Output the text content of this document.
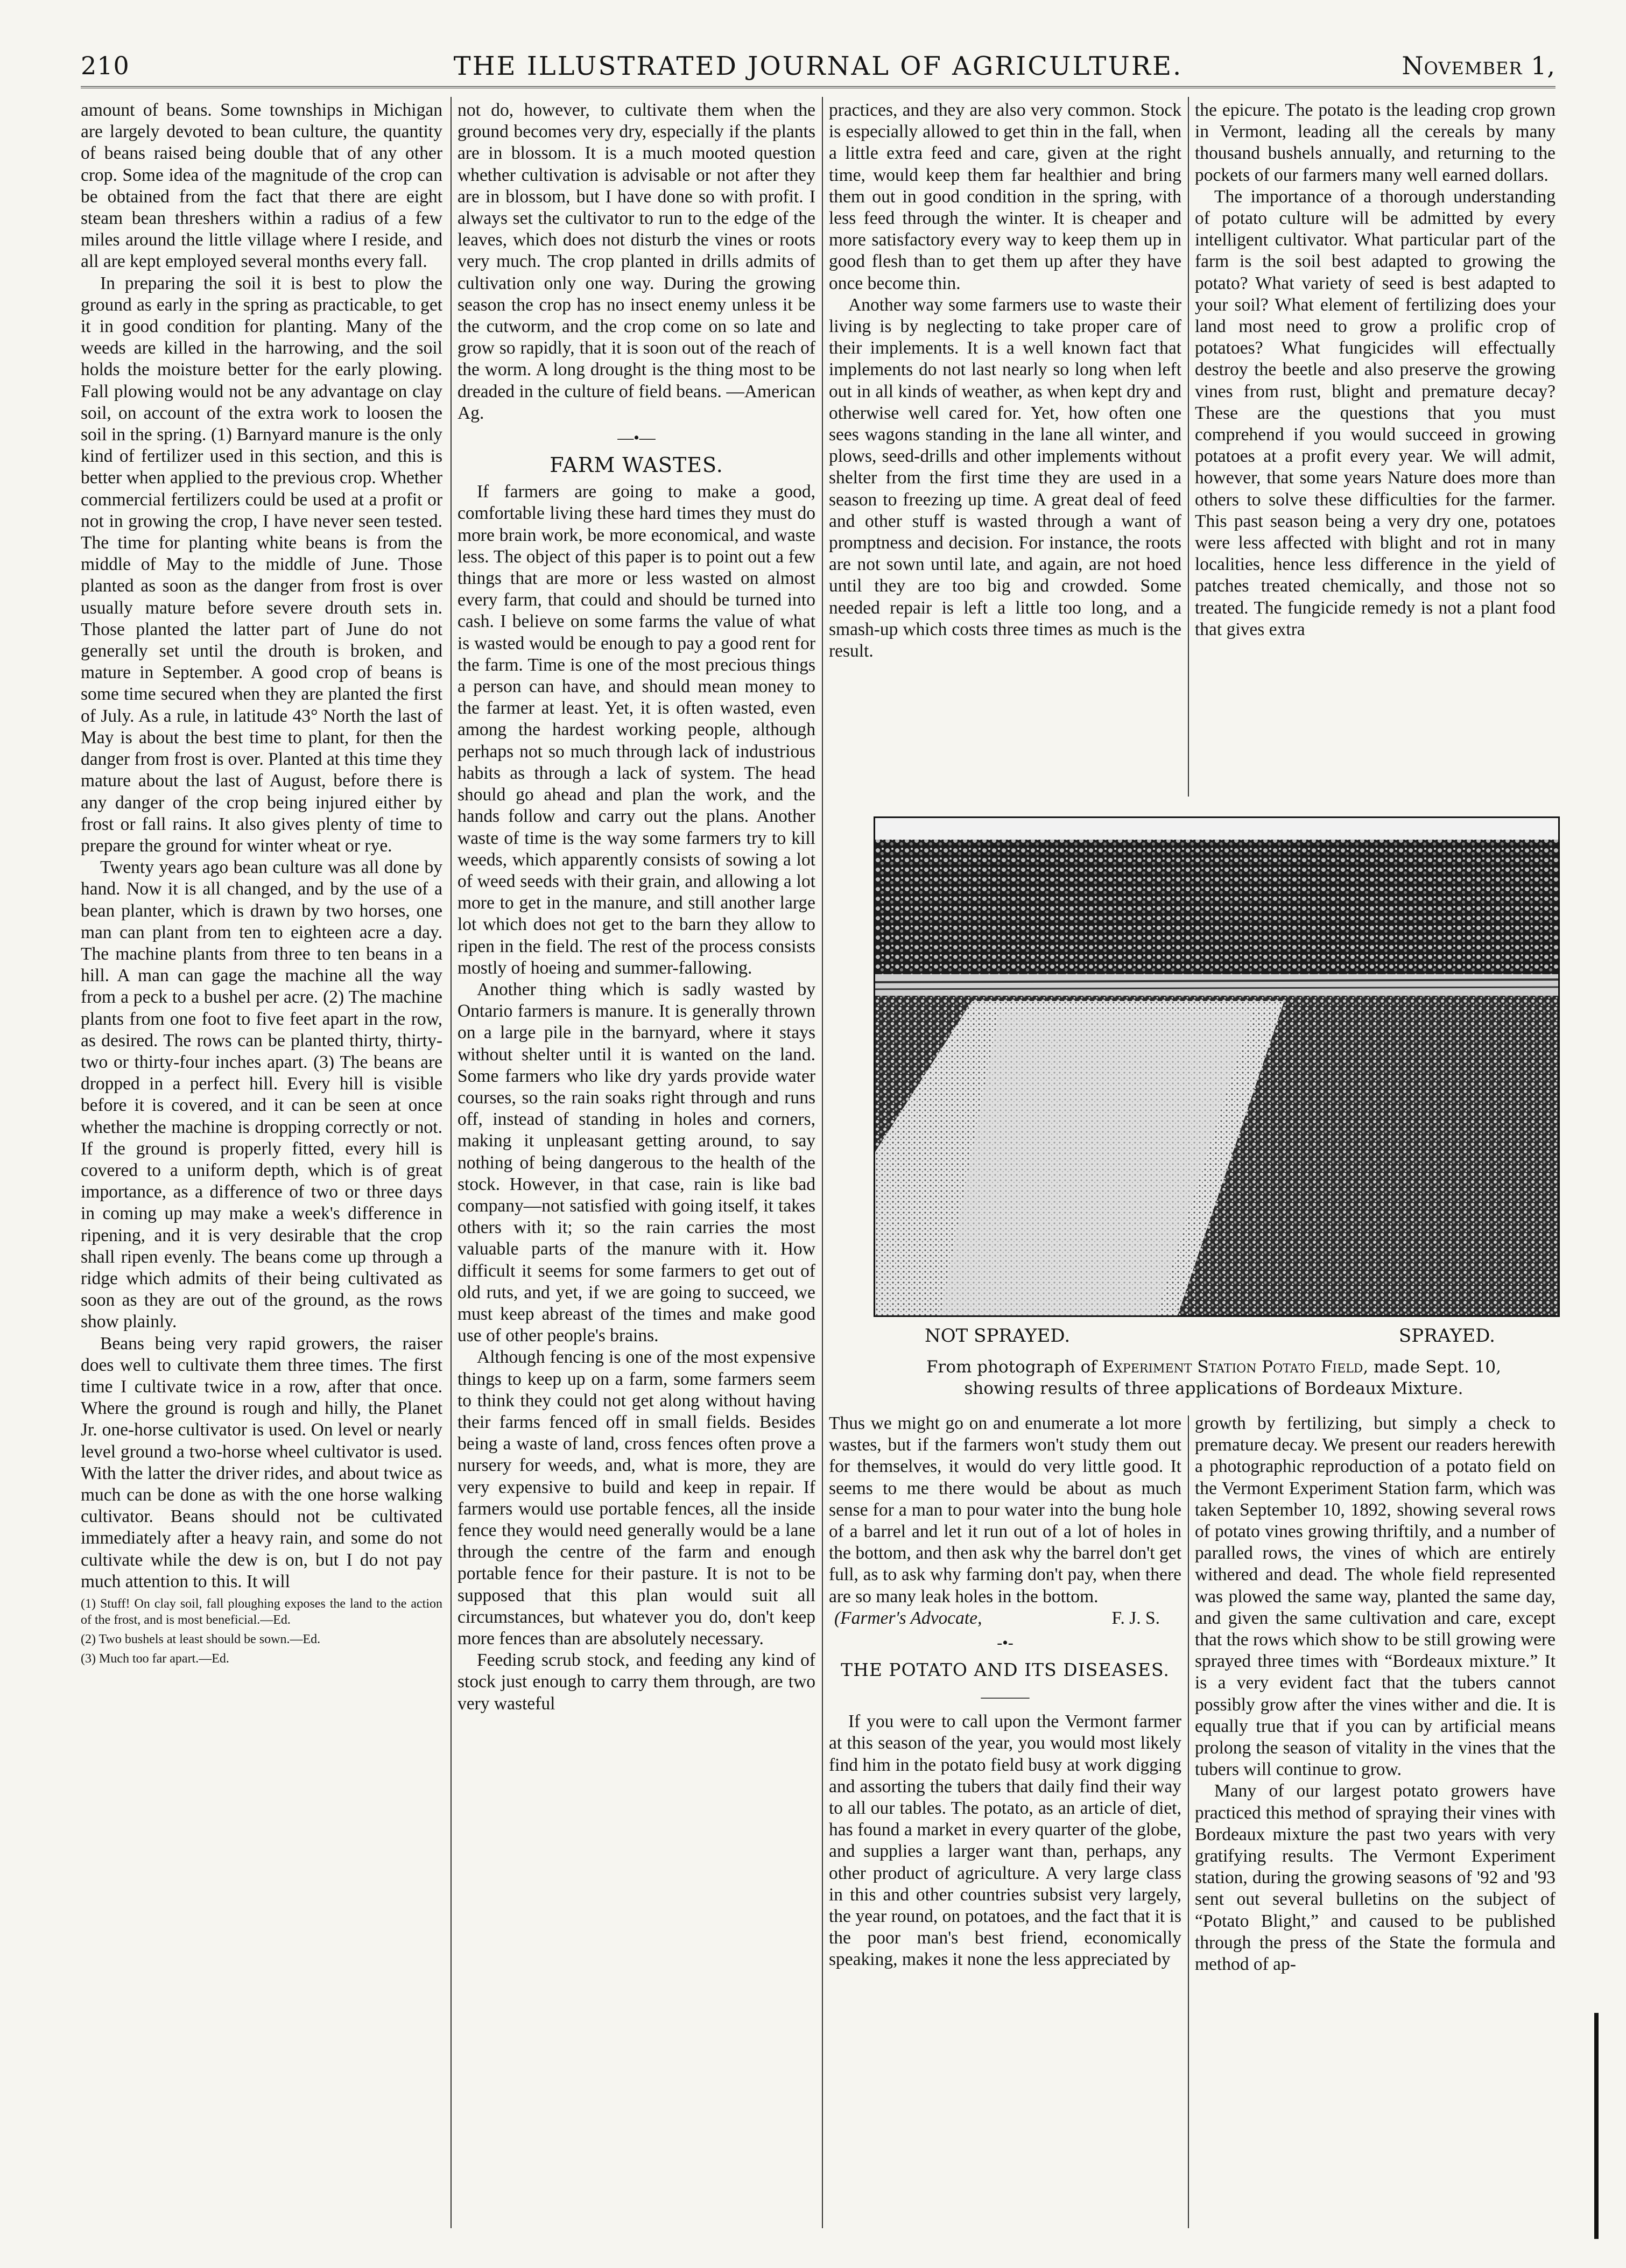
210	THE ILLUSTRATED JOURNAL OF AGRICULTURE.	November 1,

amount of beans. Some townships in Michigan are largely devoted to bean culture, the quantity of beans raised being double that of any other crop. Some idea of the magnitude of the crop can be obtained from the fact that there are eight steam bean threshers within a radius of a few miles around the little village where I reside, and all are kept employed several months every fall.

In preparing the soil it is best to plow the ground as early in the spring as practicable, to get it in good condition for planting. Many of the weeds are killed in the harrowing, and the soil holds the moisture better for the early plowing. Fall plowing would not be any advantage on clay soil, on account of the extra work to loosen the soil in the spring. (1) Barnyard manure is the only kind of fertilizer used in this section, and this is better when applied to the previous crop. Whether commercial fertilizers could be used at a profit or not in growing the crop, I have never seen tested. The time for planting white beans is from the middle of May to the middle of June. Those planted as soon as the danger from frost is over usually mature before severe drouth sets in. Those planted the latter part of June do not generally set until the drouth is broken, and mature in September. A good crop of beans is some time secured when they are planted the first of July. As a rule, in latitude 43° North the last of May is about the best time to plant, for then the danger from frost is over. Planted at this time they mature about the last of August, before there is any danger of the crop being injured either by frost or fall rains. It also gives plenty of time to prepare the ground for winter wheat or rye.

Twenty years ago bean culture was all done by hand. Now it is all changed, and by the use of a bean planter, which is drawn by two horses, one man can plant from ten to eighteen acre a day. The machine plants from three to ten beans in a hill. A man can gage the machine all the way from a peck to a bushel per acre. (2) The machine plants from one foot to five feet apart in the row, as desired. The rows can be planted thirty, thirty-two or thirty-four inches apart. (3) The beans are dropped in a perfect hill. Every hill is visible before it is covered, and it can be seen at once whether the machine is dropping correctly or not. If the ground is properly fitted, every hill is covered to a uniform depth, which is of great importance, as a difference of two or three days in coming up may make a week's difference in ripening, and it is very desirable that the crop shall ripen evenly. The beans come up through a ridge which admits of their being cultivated as soon as they are out of the ground, as the rows show plainly.

Beans being very rapid growers, the raiser does well to cultivate them three times. The first time I cultivate twice in a row, after that once. Where the ground is rough and hilly, the Planet Jr. one-horse cultivator is used. On level or nearly level ground a two-horse wheel cultivator is used. With the latter the driver rides, and about twice as much can be done as with the one horse walking cultivator. Beans should not be cultivated immediately after a heavy rain, and some do not cultivate while the dew is on, but I do not pay much attention to this. It will

(1) Stuff! On clay soil, fall ploughing exposes the land to the action of the frost, and is most beneficial.—Ed.
(2) Two bushels at least should be sown.—Ed.
(3) Much too far apart.—Ed.

not do, however, to cultivate them when the ground becomes very dry, especially if the plants are in blossom. It is a much mooted question whether cultivation is advisable or not after they are in blossom, but I have done so with profit. I always set the cultivator to run to the edge of the leaves, which does not disturb the vines or roots very much. The crop planted in drills admits of cultivation only one way. During the growing season the crop has no insect enemy unless it be the cutworm, and the crop come on so late and grow so rapidly, that it is soon out of the reach of the worm. A long drought is the thing most to be dreaded in the culture of field beans. —American Ag.

—•—
FARM WASTES.

If farmers are going to make a good, comfortable living these hard times they must do more brain work, be more economical, and waste less. The object of this paper is to point out a few things that are more or less wasted on almost every farm, that could and should be turned into cash. I believe on some farms the value of what is wasted would be enough to pay a good rent for the farm. Time is one of the most precious things a person can have, and should mean money to the farmer at least. Yet, it is often wasted, even among the hardest working people, although perhaps not so much through lack of industrious habits as through a lack of system. The head should go ahead and plan the work, and the hands follow and carry out the plans. Another waste of time is the way some farmers try to kill weeds, which apparently consists of sowing a lot of weed seeds with their grain, and allowing a lot more to get in the manure, and still another large lot which does not get to the barn they allow to ripen in the field. The rest of the process consists mostly of hoeing and summer-fallowing.

Another thing which is sadly wasted by Ontario farmers is manure. It is generally thrown on a large pile in the barnyard, where it stays without shelter until it is wanted on the land. Some farmers who like dry yards provide water courses, so the rain soaks right through and runs off, instead of standing in holes and corners, making it unpleasant getting around, to say nothing of being dangerous to the health of the stock. However, in that case, rain is like bad company—not satisfied with going itself, it takes others with it; so the rain carries the most valuable parts of the manure with it. How difficult it seems for some farmers to get out of old ruts, and yet, if we are going to succeed, we must keep abreast of the times and make good use of other people's brains.

Although fencing is one of the most expensive things to keep up on a farm, some farmers seem to think they could not get along without having their farms fenced off in small fields. Besides being a waste of land, cross fences often prove a nursery for weeds, and, what is more, they are very expensive to build and keep in repair. If farmers would use portable fences, all the inside fence they would need generally would be a lane through the centre of the farm and enough portable fence for their pasture. It is not to be supposed that this plan would suit all circumstances, but whatever you do, don't keep more fences than are absolutely necessary.

Feeding scrub stock, and feeding any kind of stock just enough to carry them through, are two very wasteful

practices, and they are also very common. Stock is especially allowed to get thin in the fall, when a little extra feed and care, given at the right time, would keep them far healthier and bring them out in good condition in the spring, with less feed through the winter. It is cheaper and more satisfactory every way to keep them up in good flesh than to get them up after they have once become thin.

Another way some farmers use to waste their living is by neglecting to take proper care of their implements. It is a well known fact that implements do not last nearly so long when left out in all kinds of weather, as when kept dry and otherwise well cared for. Yet, how often one sees wagons standing in the lane all winter, and plows, seed-drills and other implements without shelter from the first time they are used in a season to freezing up time. A great deal of feed and other stuff is wasted through a want of promptness and decision. For instance, the roots are not sown until late, and again, are not hoed until they are too big and crowded. Some needed repair is left a little too long, and a smash-up which costs three times as much is the result.

the epicure. The potato is the leading crop grown in Vermont, leading all the cereals by many thousand bushels annually, and returning to the pockets of our farmers many well earned dollars.

The importance of a thorough understanding of potato culture will be admitted by every intelligent cultivator. What particular part of the farm is the soil best adapted to growing the potato? What variety of seed is best adapted to your soil? What element of fertilizing does your land most need to grow a prolific crop of potatoes? What fungicides will effectually destroy the beetle and also preserve the growing vines from rust, blight and premature decay? These are the questions that you must comprehend if you would succeed in growing potatoes at a profit every year. We will admit, however, that some years Nature does more than others to solve these difficulties for the farmer. This past season being a very dry one, potatoes were less affected with blight and rot in many localities, hence less difference in the yield of patches treated chemically, and those not so treated. The fungicide remedy is not a plant food that gives extra

NOT SPRAYED.	SPRAYED.
From photograph of Experiment Station Potato Field, made Sept. 10,
showing results of three applications of Bordeaux Mixture.

Thus we might go on and enumerate a lot more wastes, but if the farmers won't study them out for themselves, it would do very little good. It seems to me there would be about as much sense for a man to pour water into the bung hole of a barrel and let it run out of a lot of holes in the bottom, and then ask why the barrel don't get full, as to ask why farming don't pay, when there are so many leak holes in the bottom.

(Farmer's Advocate,	F. J. S.
-•-
THE POTATO AND ITS DISEASES.
―――

If you were to call upon the Vermont farmer at this season of the year, you would most likely find him in the potato field busy at work digging and assorting the tubers that daily find their way to all our tables. The potato, as an article of diet, has found a market in every quarter of the globe, and supplies a larger want than, perhaps, any other product of agriculture. A very large class in this and other countries subsist very largely, the year round, on potatoes, and the fact that it is the poor man's best friend, economically speaking, makes it none the less appreciated by

growth by fertilizing, but simply a check to premature decay. We present our readers herewith a photographic reproduction of a potato field on the Vermont Experiment Station farm, which was taken September 10, 1892, showing several rows of potato vines growing thriftily, and a number of paralled rows, the vines of which are entirely withered and dead. The whole field represented was plowed the same way, planted the same day, and given the same cultivation and care, except that the rows which show to be still growing were sprayed three times with “Bordeaux mixture.” It is a very evident fact that the tubers cannot possibly grow after the vines wither and die. It is equally true that if you can by artificial means prolong the season of vitality in the vines that the tubers will continue to grow.

Many of our largest potato growers have practiced this method of spraying their vines with Bordeaux mixture the past two years with very gratifying results. The Vermont Experiment station, during the growing seasons of '92 and '93 sent out several bulletins on the subject of “Potato Blight,” and caused to be published through the press of the State the formula and method of ap-
